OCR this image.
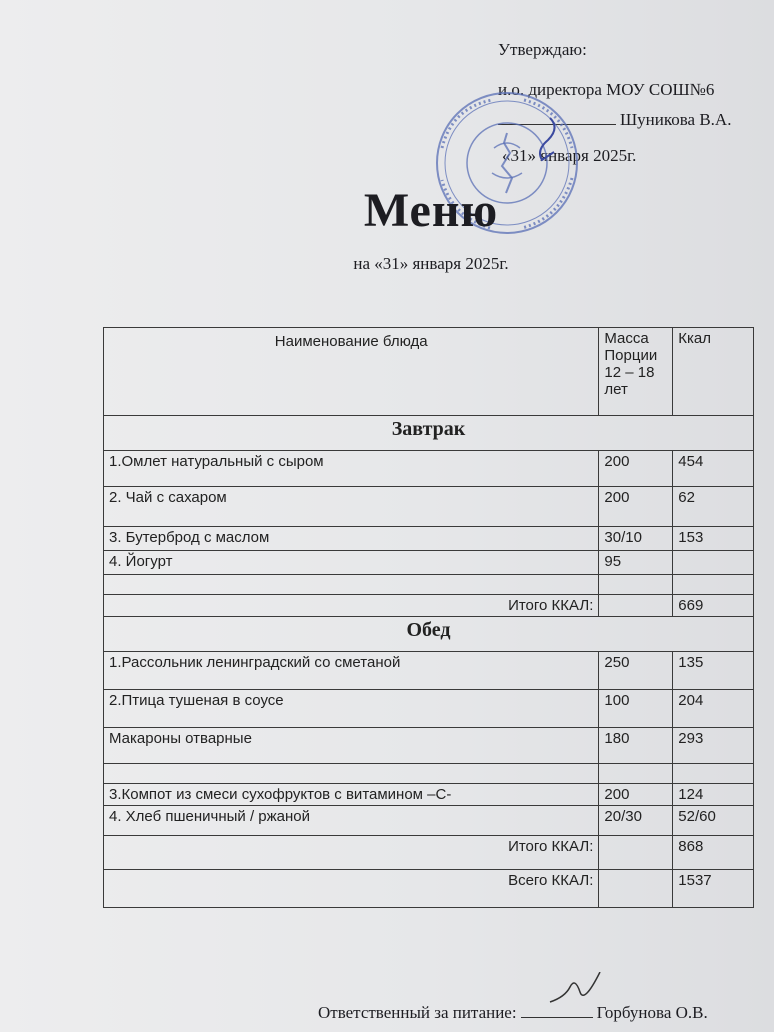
Утверждаю:
и.о. директора МОУ СОШ№6
Шуникова В.А.
«31» января 2025г.
Меню
на «31» января 2025г.
Наименование блюда	Масса
Порции
12 – 18
лет	Ккал
Завтрак		
1.Омлет натуральный с сыром	200	454
2. Чай с сахаром	200	62
3. Бутерброд с маслом	30/10	153
4. Йогурт	95	

Итого ККАЛ:		669
Обед		
1.Рассольник ленинградский со сметаной	250	135
2.Птица тушеная в соусе	100	204
Макароны отварные	180	293

3.Компот из смеси сухофруктов с витамином –С-	200	124
4. Хлеб пшеничный / ржаной	20/30	52/60
Итого ККАЛ:		868
Всего ККАЛ:		1537
Ответственный за питание:	Горбунова О.В.
